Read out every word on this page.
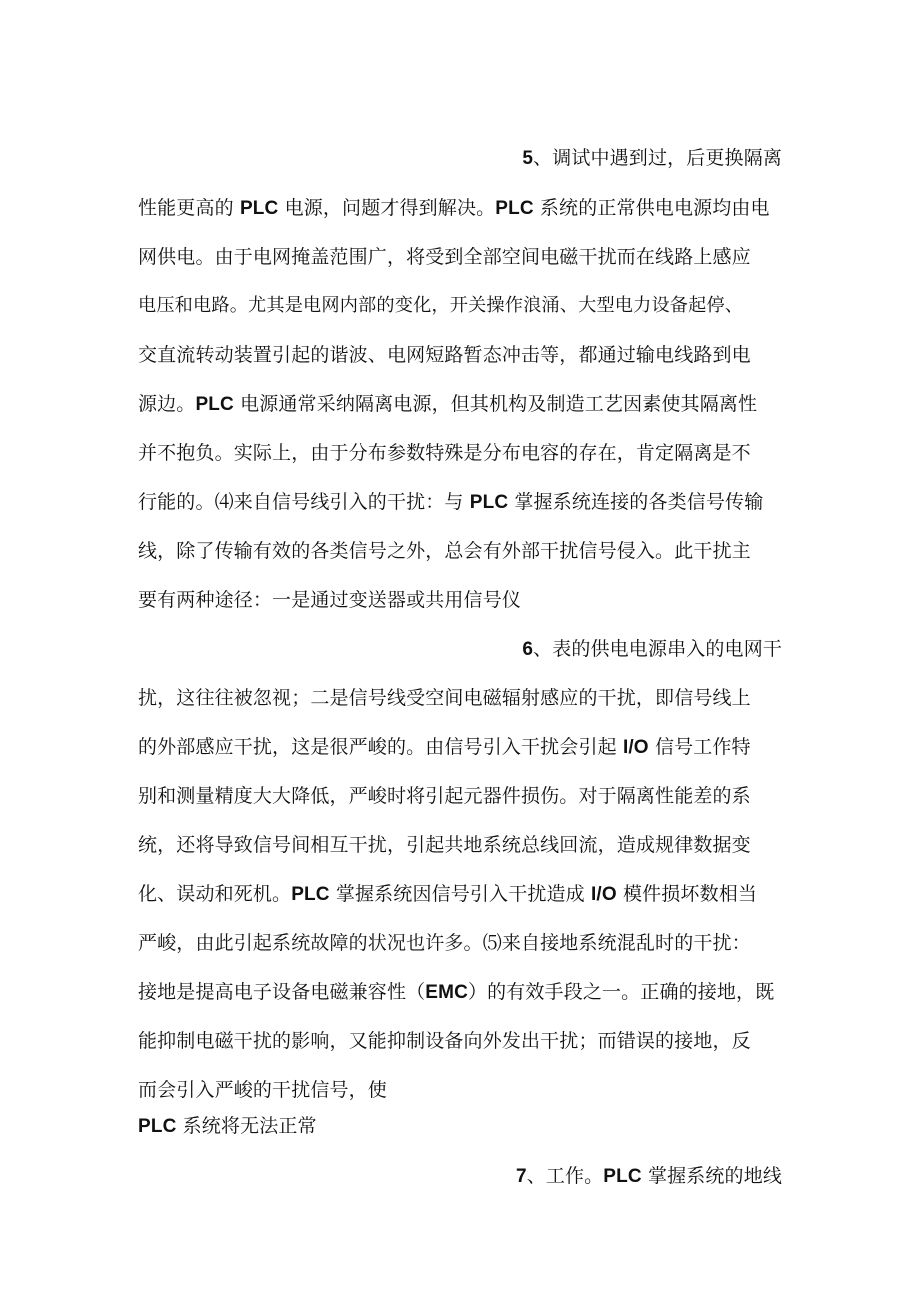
5、调试中遇到过，后更换隔离
性能更高的 PLC 电源，问题才得到解决。PLC 系统的正常供电电源均由电
网供电。由于电网掩盖范围广，将受到全部空间电磁干扰而在线路上感应
电压和电路。尤其是电网内部的变化，开关操作浪涌、大型电力设备起停、
交直流转动装置引起的谐波、电网短路暂态冲击等，都通过输电线路到电
源边。PLC 电源通常采纳隔离电源，但其机构及制造工艺因素使其隔离性
并不抱负。实际上，由于分布参数特殊是分布电容的存在，肯定隔离是不
行能的。⑷来自信号线引入的干扰：与 PLC 掌握系统连接的各类信号传输
线，除了传输有效的各类信号之外，总会有外部干扰信号侵入。此干扰主
要有两种途径：一是通过变送器或共用信号仪
6、表的供电电源串入的电网干
扰，这往往被忽视；二是信号线受空间电磁辐射感应的干扰，即信号线上
的外部感应干扰，这是很严峻的。由信号引入干扰会引起 I/O 信号工作特
别和测量精度大大降低，严峻时将引起元器件损伤。对于隔离性能差的系
统，还将导致信号间相互干扰，引起共地系统总线回流，造成规律数据变
化、误动和死机。PLC 掌握系统因信号引入干扰造成 I/O 模件损坏数相当
严峻，由此引起系统故障的状况也许多。⑸来自接地系统混乱时的干扰：
接地是提高电子设备电磁兼容性（EMC）的有效手段之一。正确的接地，既
能抑制电磁干扰的影响，又能抑制设备向外发出干扰；而错误的接地，反
而会引入严峻的干扰信号，使
PLC 系统将无法正常
7、工作。PLC 掌握系统的地线
